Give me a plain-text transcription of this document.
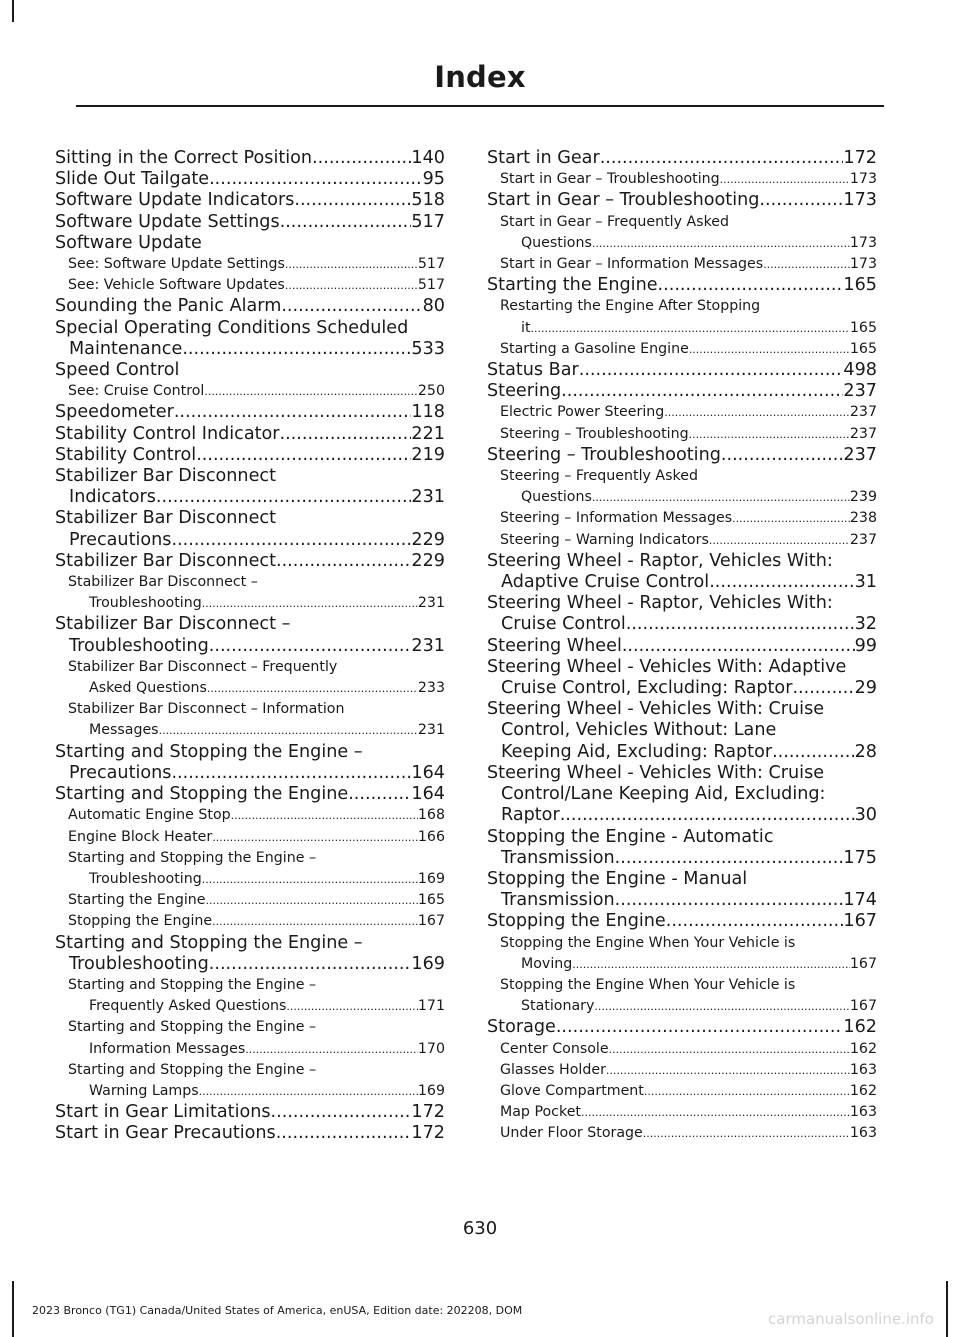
Index
Sitting in the Correct Position .....	140
Slide Out Tailgate .....	95
Software Update Indicators .....	518
Software Update Settings .....	517
Software Update
See: Software Update Settings .....	517
See: Vehicle Software Updates .....	517
Sounding the Panic Alarm .....	80
Special Operating Conditions Scheduled
Maintenance .....	533
Speed Control
See: Cruise Control .....	250
Speedometer .....	118
Stability Control Indicator .....	221
Stability Control .....	219
Stabilizer Bar Disconnect
Indicators .....	231
Stabilizer Bar Disconnect
Precautions .....	229
Stabilizer Bar Disconnect .....	229
Stabilizer Bar Disconnect –
Troubleshooting .....	231
Stabilizer Bar Disconnect –
Troubleshooting .....	231
Stabilizer Bar Disconnect – Frequently
Asked Questions .....	233
Stabilizer Bar Disconnect – Information
Messages .....	231
Starting and Stopping the Engine –
Precautions .....	164
Starting and Stopping the Engine .....	164
Automatic Engine Stop .....	168
Engine Block Heater .....	166
Starting and Stopping the Engine –
Troubleshooting .....	169
Starting the Engine .....	165
Stopping the Engine .....	167
Starting and Stopping the Engine –
Troubleshooting .....	169
Starting and Stopping the Engine –
Frequently Asked Questions .....	171
Starting and Stopping the Engine –
Information Messages .....	170
Starting and Stopping the Engine –
Warning Lamps .....	169
Start in Gear Limitations .....	172
Start in Gear Precautions .....	172
Start in Gear .....	172
Start in Gear – Troubleshooting .....	173
Start in Gear – Troubleshooting .....	173
Start in Gear – Frequently Asked
Questions .....	173
Start in Gear – Information Messages .....	173
Starting the Engine .....	165
Restarting the Engine After Stopping
it .....	165
Starting a Gasoline Engine .....	165
Status Bar .....	498
Steering .....	237
Electric Power Steering .....	237
Steering – Troubleshooting .....	237
Steering – Troubleshooting .....	237
Steering – Frequently Asked
Questions .....	239
Steering – Information Messages .....	238
Steering – Warning Indicators .....	237
Steering Wheel - Raptor, Vehicles With:
Adaptive Cruise Control .....	31
Steering Wheel - Raptor, Vehicles With:
Cruise Control .....	32
Steering Wheel .....	99
Steering Wheel - Vehicles With: Adaptive
Cruise Control, Excluding: Raptor .....	29
Steering Wheel - Vehicles With: Cruise
Control, Vehicles Without: Lane
Keeping Aid, Excluding: Raptor .....	28
Steering Wheel - Vehicles With: Cruise
Control/Lane Keeping Aid, Excluding:
Raptor .....	30
Stopping the Engine - Automatic
Transmission .....	175
Stopping the Engine - Manual
Transmission .....	174
Stopping the Engine .....	167
Stopping the Engine When Your Vehicle is
Moving .....	167
Stopping the Engine When Your Vehicle is
Stationary .....	167
Storage .....	162
Center Console .....	162
Glasses Holder .....	163
Glove Compartment .....	162
Map Pocket .....	163
Under Floor Storage .....	163
630
2023 Bronco (TG1) Canada/United States of America, enUSA, Edition date: 202208, DOM	carmanualsonline.info
